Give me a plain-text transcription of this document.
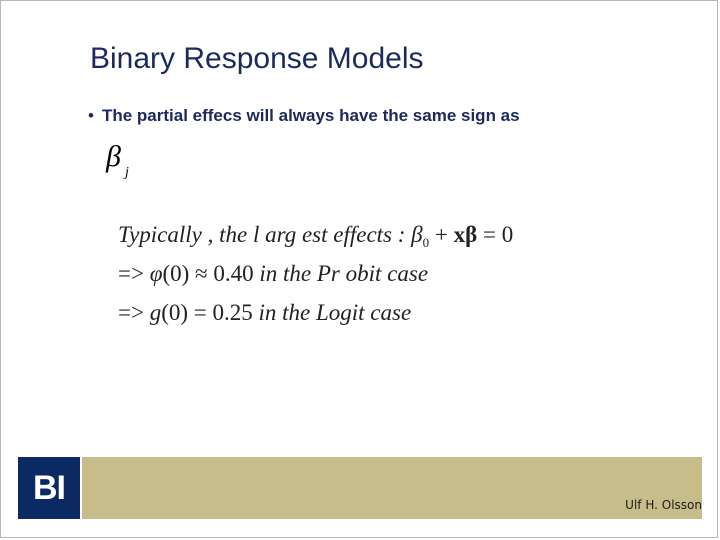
Binary Response Models
• The partial effecs will always have the same sign as
β $_j$
Typically , the l arg est effects : $\beta_0 + x\beta = 0$
=> φ(0) ≈ 0.40 in the Pr obit case
=> g(0) = 0.25 in the Logit case
BI	Ulf H. Olsson
